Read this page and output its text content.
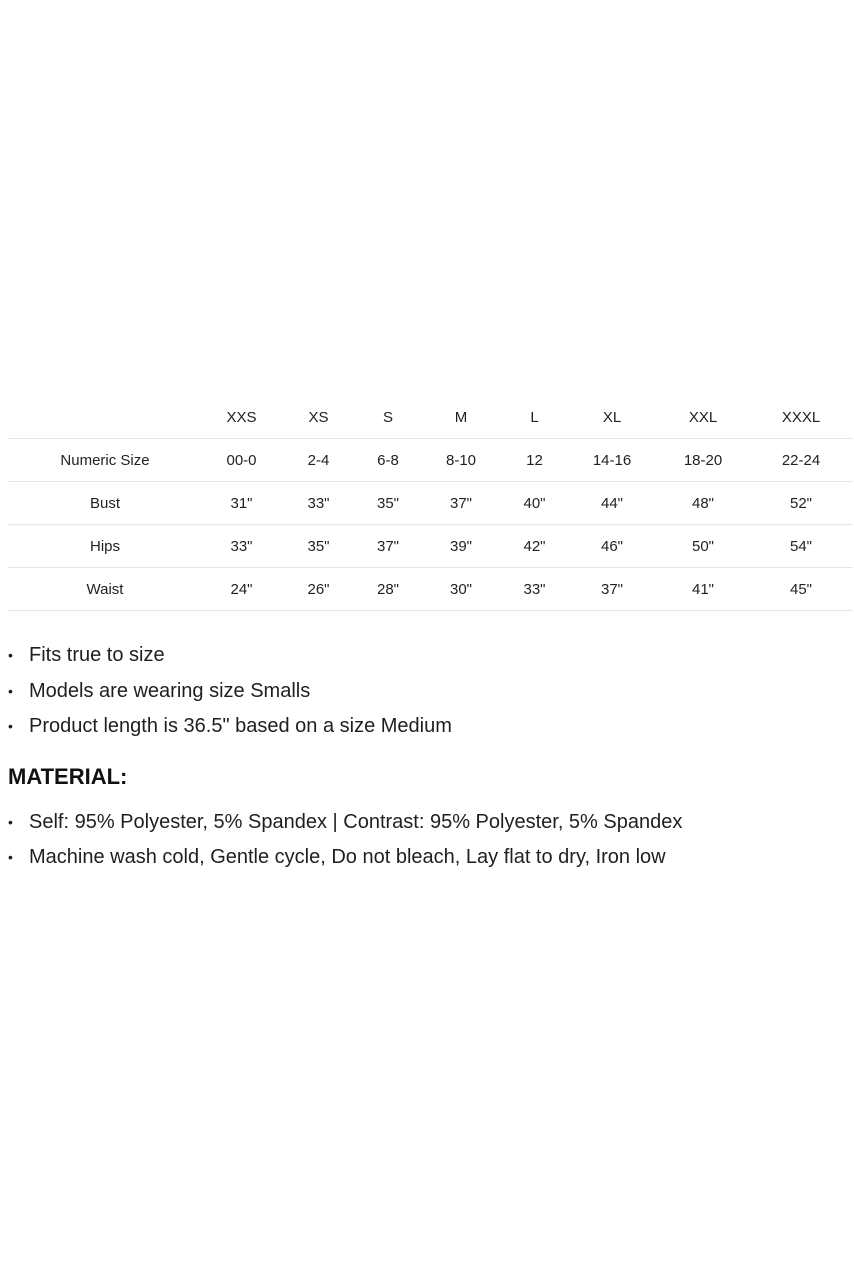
	XXS	XS	S	M	L	XL	XXL	XXXL
Numeric Size	00-0	2-4	6-8	8-10	12	14-16	18-20	22-24
Bust	31"	33"	35"	37"	40"	44"	48"	52"
Hips	33"	35"	37"	39"	42"	46"	50"	54"
Waist	24"	26"	28"	30"	33"	37"	41"	45"
• Fits true to size
• Models are wearing size Smalls
• Product length is 36.5" based on a size Medium
MATERIAL:
• Self: 95% Polyester, 5% Spandex | Contrast: 95% Polyester, 5% Spandex
• Machine wash cold, Gentle cycle, Do not bleach, Lay flat to dry, Iron low
